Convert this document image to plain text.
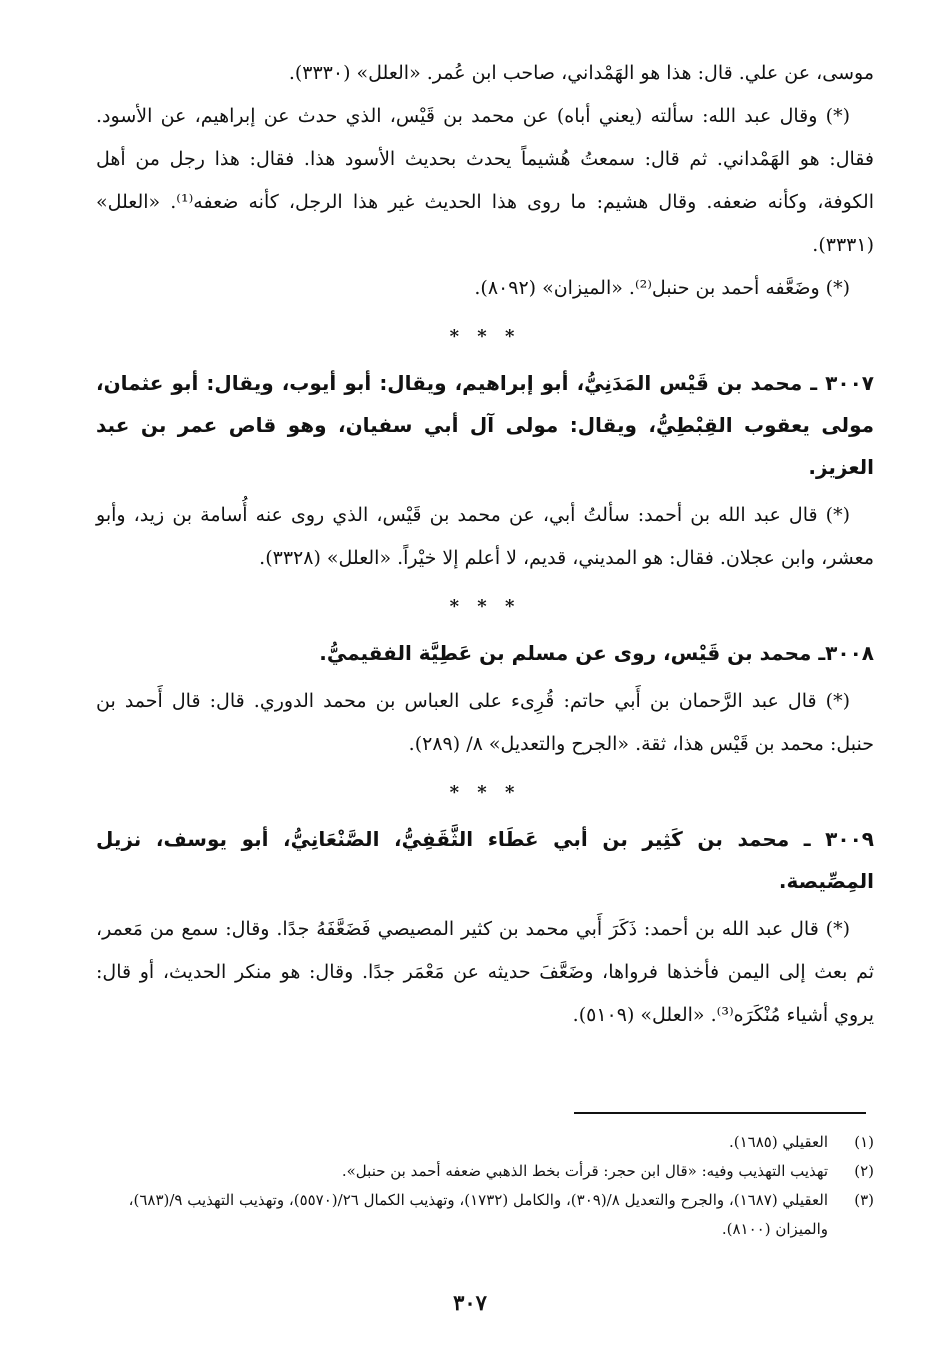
موسى، عن علي. قال: هذا هو الهَمْداني، صاحب ابن عُمر. «العلل» (٣٣٣٠).

(*) وقال عبد الله: سألته (يعني أباه) عن محمد بن قَيْس، الذي حدث عن إبراهيم، عن الأسود. فقال: هو الهَمْداني. ثم قال: سمعتُ هُشيماً يحدث بحديث الأسود هذا. فقال: هذا رجل من أهل الكوفة، وكأنه ضعفه. وقال هشيم: ما روى هذا الحديث غير هذا الرجل، كأنه ضعفه⁽¹⁾. «العلل» (٣٣٣١).

(*) وضَعَّفه أحمد بن حنبل⁽²⁾. «الميزان» (٨٠٩٢).

* * *
٣٠٠٧ ـ محمد بن قَيْس المَدَنِيُّ، أبو إبراهيم، ويقال: أبو أيوب، ويقال: أبو عثمان، مولى يعقوب القِبْطِيُّ، ويقال: مولى آل أبي سفيان، وهو قاص عمر بن عبد العزيز.

(*) قال عبد الله بن أحمد: سألتُ أبي، عن محمد بن قَيْس، الذي روى عنه أُسامة بن زيد، وأبو معشر، وابن عجلان. فقال: هو المديني، قديم، لا أعلم إلا خيْراً. «العلل» (٣٣٢٨).

* * *
٣٠٠٨ـ محمد بن قَيْس، روى عن مسلم بن عَطِيَّة الفقيميُّ.

(*) قال عبد الرَّحمان بن أَبي حاتم: قُرِىء على العباس بن محمد الدوري. قال: قال أَحمد بن حنبل: محمد بن قَيْس هذا، ثقة. «الجرح والتعديل» ٨/ (٢٨٩).

* * *
٣٠٠٩ ـ محمد بن كَثِير بن أبي عَطَاء الثَّقَفِيُّ، الصَّنْعَانِيُّ، أبو يوسف، نزيل المِصِّيصة.

(*) قال عبد الله بن أحمد: ذَكَرَ أَبي محمد بن كثير المصيصي فَضَعَّفَهُ جدًا. وقال: سمع من مَعمر، ثم بعث إلى اليمن فأخذها فرواها، وضَعَّفَ حديثه عن مَعْمَر جدًا. وقال: هو منكر الحديث، أو قال: يروي أشياء مُنْكَرَه⁽³⁾. «العلل» (٥١٠٩).

(١)
العقيلي (١٦٨٥).
(٢)
تهذيب التهذيب وفيه: «قال ابن حجر: قرأت بخط الذهبي ضعفه أحمد بن حنبل».
(٣)
العقيلي (١٦٨٧)، والجرح والتعديل ٨/(٣٠٩)، والكامل (١٧٣٢)، وتهذيب الكمال ٢٦/(٥٥٧٠)، وتهذيب التهذيب ٩/(٦٨٣)، والميزان (٨١٠٠).
٣٠٧
